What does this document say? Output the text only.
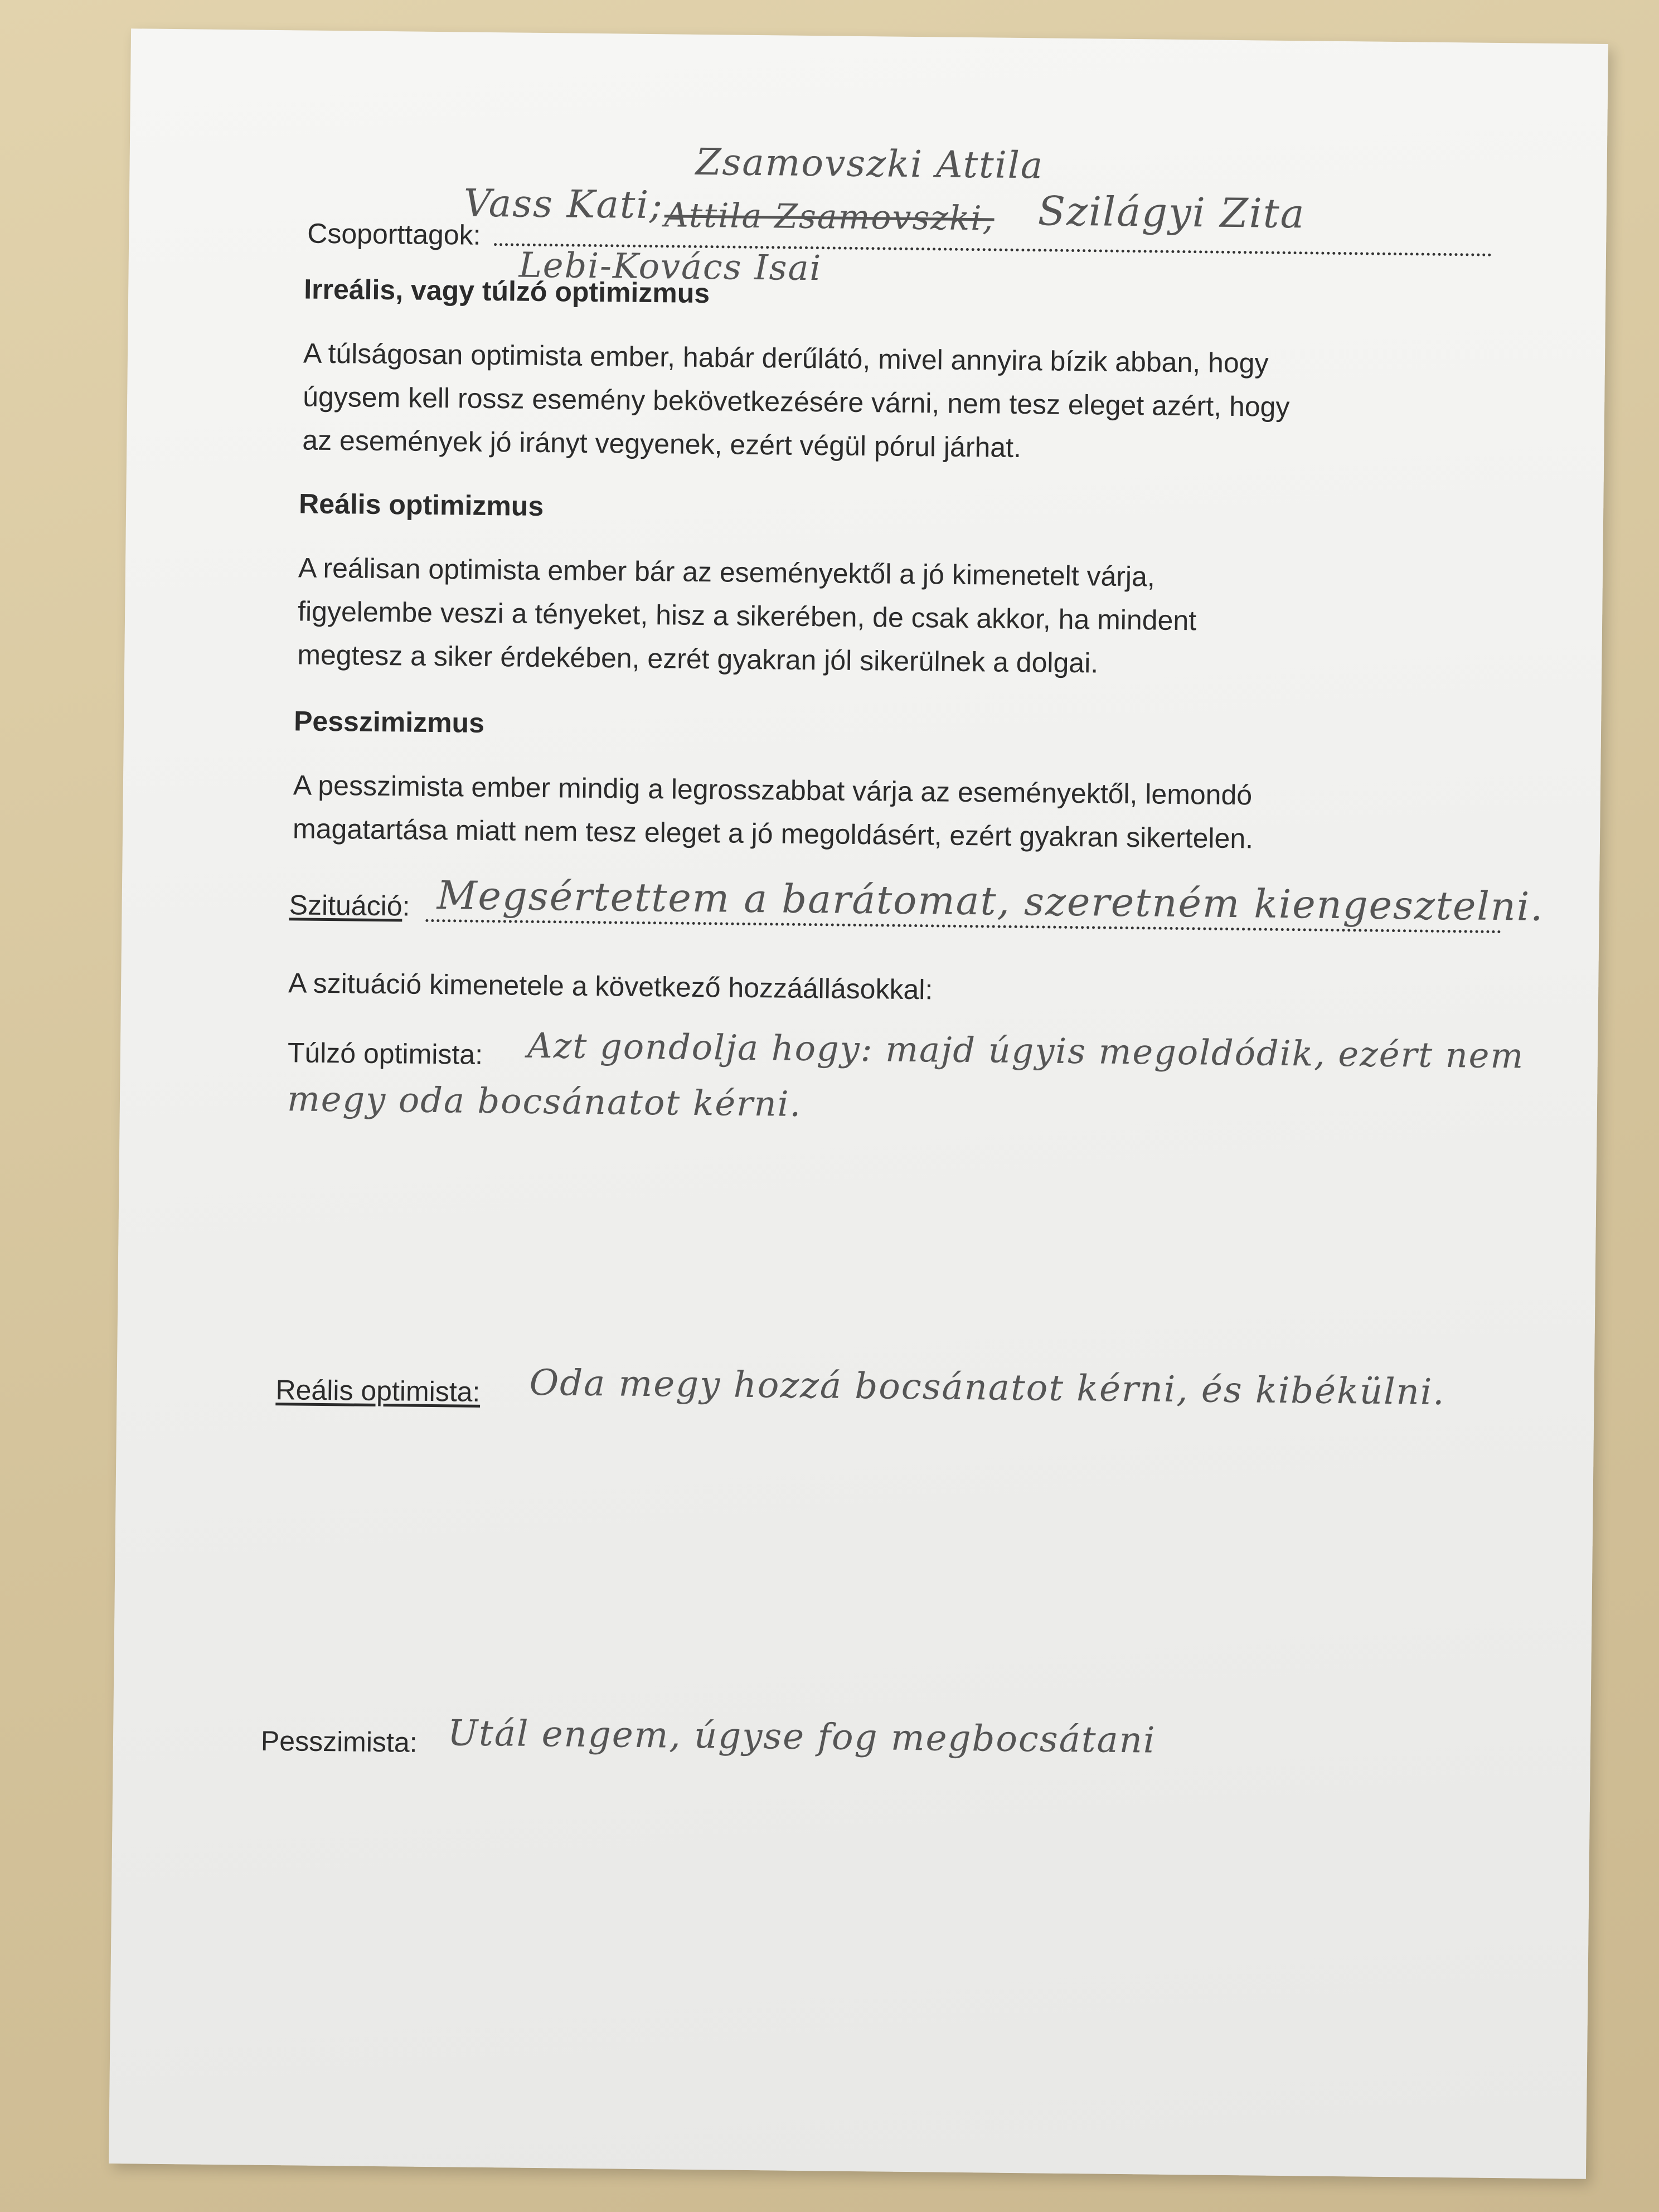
Csoporttagok:
Zsamovszki Attila
Vass Kati; Attila Zsamovszki, Szilágyi Zita
Lebi-Kovács Isai
Irreális, vagy túlzó optimizmus
A túlságosan optimista ember, habár derűlátó, mivel annyira bízik abban, hogy
úgysem kell rossz esemény bekövetkezésére várni, nem tesz eleget azért, hogy
az események jó irányt vegyenek, ezért végül pórul járhat.
Reális optimizmus
A reálisan optimista ember bár az eseményektől a jó kimenetelt várja,
figyelembe veszi a tényeket, hisz a sikerében, de csak akkor, ha mindent
megtesz a siker érdekében, ezrét gyakran jól sikerülnek a dolgai.
Pesszimizmus
A pesszimista ember mindig a legrosszabbat várja az eseményektől, lemondó
magatartása miatt nem tesz eleget a jó megoldásért, ezért gyakran sikertelen.
Szituáció: Megsértettem a barátomat, szeretném kiengesztelni.
A szituáció kimenetele a következő hozzáállásokkal:
Túlzó optimista: Azt gondolja hogy: majd úgyis megoldódik, ezért nem
megy oda bocsánatot kérni.
Reális optimista: Oda megy hozzá bocsánatot kérni, és kibékülni.
Pesszimista: Utál engem, úgyse fog megbocsátani
